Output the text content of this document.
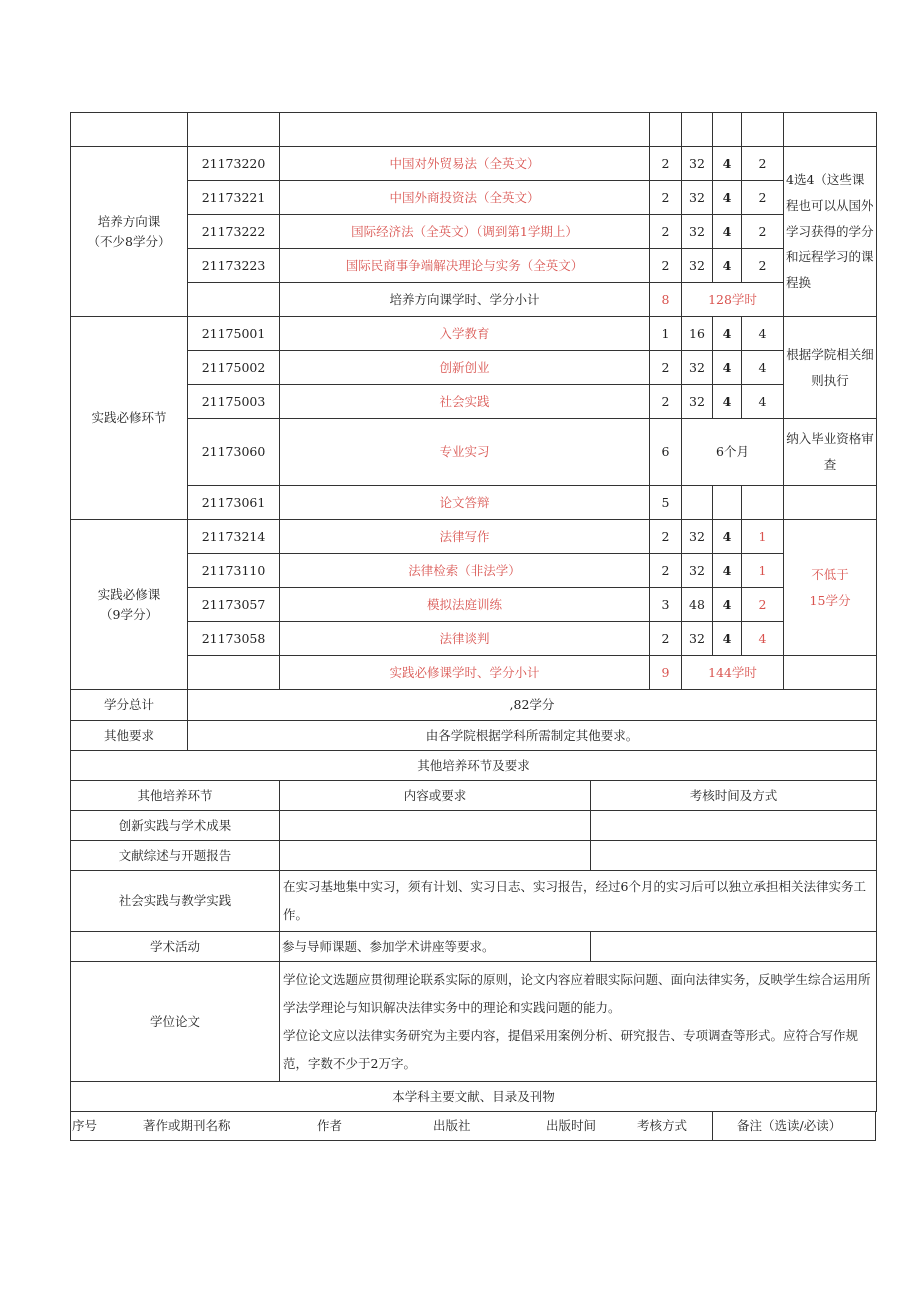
培养方向课
（不少8学分）	21173220	中国对外贸易法（全英文）	2	32	4	2	4选4（这些课程也可以从国外学习获得的学分和远程学习的课程换
	21173221	中国外商投资法（全英文）	2	32	4	2	
	21173222	国际经济法（全英文）（调到第1学期上）	2	32	4	2	
	21173223	国际民商事争端解决理论与实务（全英文）	2	32	4	2	
		培养方向课学时、学分小计	8	128学时			
实践必修环节	21175001	入学教育	1	16	4	4	根据学院相关细则执行
	21175002	创新创业	2	32	4	4	
	21175003	社会实践	2	32	4	4	
	21173060	专业实习	6	6个月			纳入毕业资格审查
	21173061	论文答辩	5				
实践必修课
（9学分）	21173214	法律写作	2	32	4	1	不低于
15学分
	21173110	法律检索（非法学）	2	32	4	1	
	21173057	模拟法庭训练	3	48	4	2	
	21173058	法律谈判	2	32	4	4	
		实践必修课学时、学分小计	9	144学时			
学分总计	,82学分						
其他要求	由各学院根据学科所需制定其他要求。						
其他培养环节及要求		
其他培养环节	内容或要求	考核时间及方式
创新实践与学术成果		
文献综述与开题报告		
社会实践与教学实践	在实习基地集中实习，须有计划、实习日志、实习报告，经过6个月的实习后可以独立承担相关法律实务工作。	
学术活动	参与导师课题、参加学术讲座等要求。	
学位论文	学位论文选题应贯彻理论联系实际的原则，论文内容应着眼实际问题、面向法律实务，反映学生综合运用所学法学理论与知识解决法律实务中的理论和实践问题的能力。
学位论文应以法律实务研究为主要内容，提倡采用案例分析、研究报告、专项调查等形式。应符合写作规范，字数不少于2万字。	

本学科主要文献、目录及刊物		
序号	著作或期刊名称	作者	出版社	出版时间	考核方式	备注（选读/必读）
